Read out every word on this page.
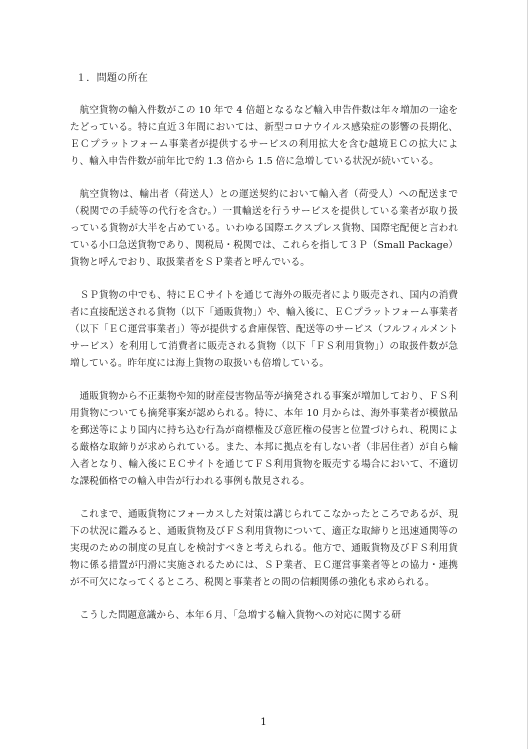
１．問題の所在

航空貨物の輸入件数がこの 10 年で 4 倍超となるなど輸入申告件数は年々増加の一途をたどっている。特に直近３年間においては、新型コロナウイルス感染症の影響の長期化、ＥＣプラットフォーム事業者が提供するサービスの利用拡大を含む越境ＥＣの拡大により、輸入申告件数が前年比で約 1.3 倍から 1.5 倍に急増している状況が続いている。

航空貨物は、輸出者（荷送人）との運送契約において輸入者（荷受人）への配送まで（税関での手続等の代行を含む。）一貫輸送を行うサービスを提供している業者が取り扱っている貨物が大半を占めている。いわゆる国際エクスプレス貨物、国際宅配便と言われている小口急送貨物であり、関税局・税関では、これらを指して３Ｐ（Small Package）貨物と呼んでおり、取扱業者をＳＰ業者と呼んでいる。

ＳＰ貨物の中でも、特にＥＣサイトを通じて海外の販売者により販売され、国内の消費者に直接配送される貨物（以下「通販貨物」）や、輸入後に、ＥＣプラットフォーム事業者（以下「ＥＣ運営事業者」）等が提供する倉庫保管、配送等のサービス（フルフィルメントサービス）を利用して消費者に販売される貨物（以下「ＦＳ利用貨物」）の取扱件数が急増している。昨年度には海上貨物の取扱いも倍増している。

通販貨物から不正薬物や知的財産侵害物品等が摘発される事案が増加しており、ＦＳ利用貨物についても摘発事案が認められる。特に、本年 10 月からは、海外事業者が模倣品を郵送等により国内に持ち込む行為が商標権及び意匠権の侵害と位置づけられ、税関による厳格な取締りが求められている。また、本邦に拠点を有しない者（非居住者）が自ら輸入者となり、輸入後にＥＣサイトを通じてＦＳ利用貨物を販売する場合において、不適切な課税価格での輸入申告が行われる事例も散見される。

これまで、通販貨物にフォーカスした対策は講じられてこなかったところであるが、現下の状況に鑑みると、通販貨物及びＦＳ利用貨物について、適正な取締りと迅速通関等の実現のための制度の見直しを検討すべきと考えられる。他方で、通販貨物及びＦＳ利用貨物に係る措置が円滑に実施されるためには、ＳＰ業者、ＥＣ運営事業者等との協力・連携が不可欠になってくるところ、税関と事業者との間の信頼関係の強化も求められる。

こうした問題意識から、本年６月、「急増する輸入貨物への対応に関する研

1
